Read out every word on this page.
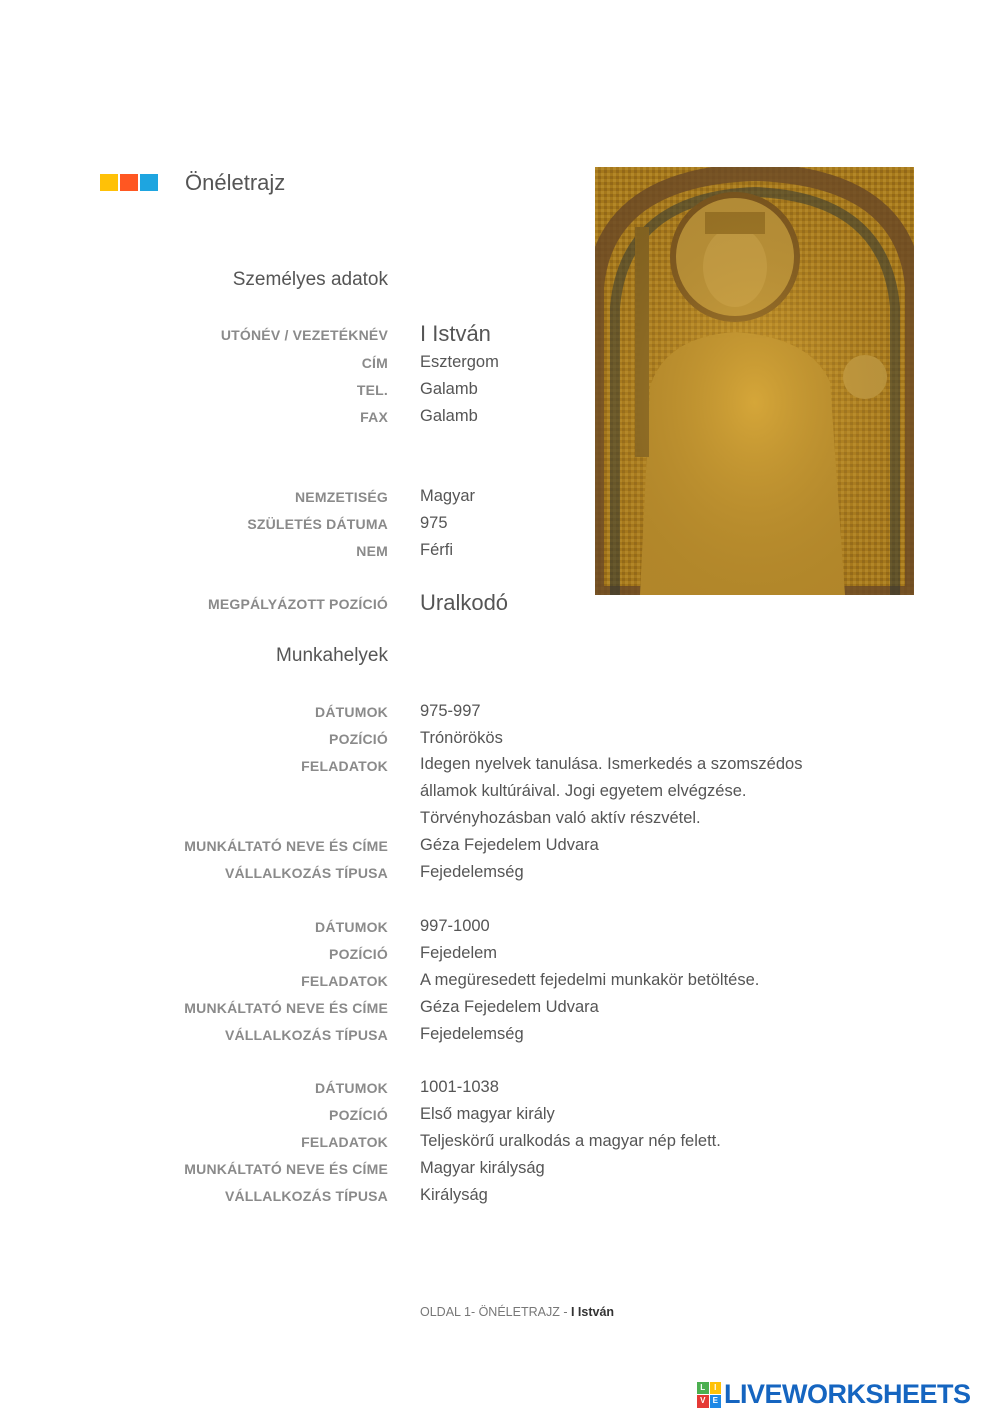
Önéletrajz
Személyes adatok
UTÓNÉV / VEZETÉKNÉV I István
CÍM Esztergom
TEL. Galamb
FAX Galamb
NEMZETISÉG Magyar
SZÜLETÉS DÁTUMA 975
NEM Férfi
MEGPÁLYÁZOTT POZÍCIÓ Uralkodó
Munkahelyek
DÁTUMOK 975-997
POZÍCIÓ Trónörökös
FELADATOK Idegen nyelvek tanulása. Ismerkedés a szomszédos államok kultúráival. Jogi egyetem elvégzése. Törvényhozásban való aktív részvétel.
MUNKÁLTATÓ NEVE ÉS CÍME Géza Fejedelem Udvara
VÁLLALKOZÁS TÍPUSA Fejedelemség
DÁTUMOK 997-1000
POZÍCIÓ Fejedelem
FELADATOK A megüresedett fejedelmi munkakör betöltése.
MUNKÁLTATÓ NEVE ÉS CÍME Géza Fejedelem Udvara
VÁLLALKOZÁS TÍPUSA Fejedelemség
DÁTUMOK 1001-1038
POZÍCIÓ Első magyar király
FELADATOK Teljeskörű uralkodás a magyar nép felett.
MUNKÁLTATÓ NEVE ÉS CÍME Magyar királyság
VÁLLALKOZÁS TÍPUSA Királyság
OLDAL 1- ÖNÉLETRAJZ - I István
L	I
V E LIVEWORKSHEETS
